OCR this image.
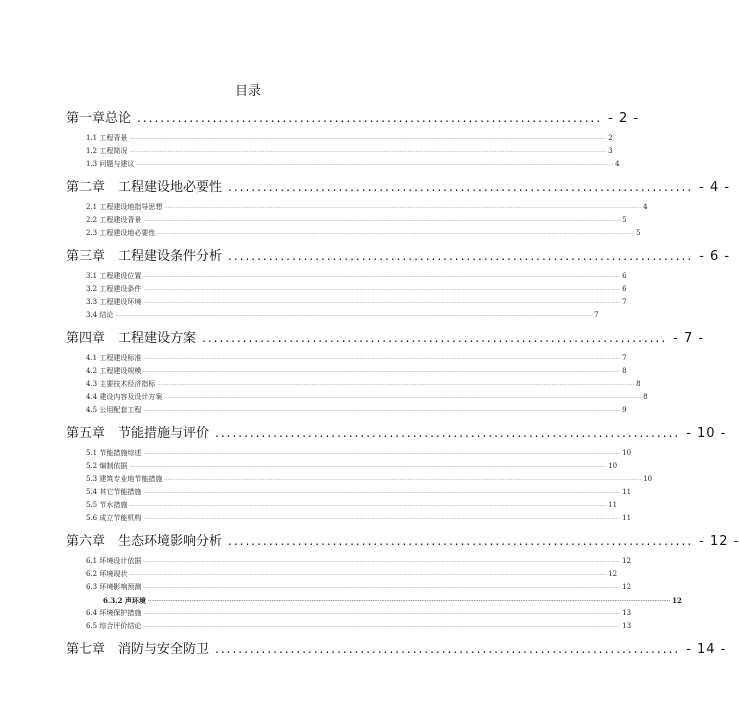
目录
第一章总论 ................................................................................ - 2 -
1.1 工程背景 ............................................................................................................................................................................................................................................................................................................ 2
1.2 工程简况 ............................................................................................................................................................................................................................................................................................................ 3
1.3 问题与建议 ............................................................................................................................................................................................................................................................................................................ 4
第二章　工程建设地必要性 ................................................................................ - 4 -
2.1 工程建设地指导思想 ............................................................................................................................................................................................................................................................................................................ 4
2.2 工程建设背景 ............................................................................................................................................................................................................................................................................................................ 5
2.3 工程建设地必要性 ............................................................................................................................................................................................................................................................................................................ 5
第三章　工程建设条件分析 ................................................................................ - 6 -
3.1 工程建设位置 ............................................................................................................................................................................................................................................................................................................ 6
3.2 工程建设条件 ............................................................................................................................................................................................................................................................................................................ 6
3.3 工程建设环境 ............................................................................................................................................................................................................................................................................................................ 7
3.4 结论 ............................................................................................................................................................................................................................................................................................................ 7
第四章　工程建设方案 ................................................................................ - 7 -
4.1 工程建设标准 ............................................................................................................................................................................................................................................................................................................ 7
4.2 工程建设规模 ............................................................................................................................................................................................................................................................................................................ 8
4.3 主要技术经济指标 ............................................................................................................................................................................................................................................................................................................ 8
4.4 建设内容及设计方案 ............................................................................................................................................................................................................................................................................................................ 8
4.5 公用配套工程 ............................................................................................................................................................................................................................................................................................................ 9
第五章　节能措施与评价 ................................................................................ - 10 -
5.1 节能措施综述 ............................................................................................................................................................................................................................................................................................................ 10
5.2 编制依据 ............................................................................................................................................................................................................................................................................................................ 10
5.3 建筑专业地节能措施 ............................................................................................................................................................................................................................................................................................................ 10
5.4 其它节能措施 ............................................................................................................................................................................................................................................................................................................ 11
5.5 节水措施 ............................................................................................................................................................................................................................................................................................................ 11
5.6 成立节能机构 ............................................................................................................................................................................................................................................................................................................ 11
第六章　生态环境影响分析 ................................................................................ - 12 -
6.1 环境设计依据 ............................................................................................................................................................................................................................................................................................................ 12
6.2 环境现状 ............................................................................................................................................................................................................................................................................................................ 12
6.3 环境影响预测 ............................................................................................................................................................................................................................................................................................................ 12
6.3.2 声环境 ............................................................................................................................................................................................................................................................................................................ 12
6.4 环境保护措施 ............................................................................................................................................................................................................................................................................................................ 13
6.5 综合评价结论 ............................................................................................................................................................................................................................................................................................................ 13
第七章　消防与安全防卫 ................................................................................ - 14 -
